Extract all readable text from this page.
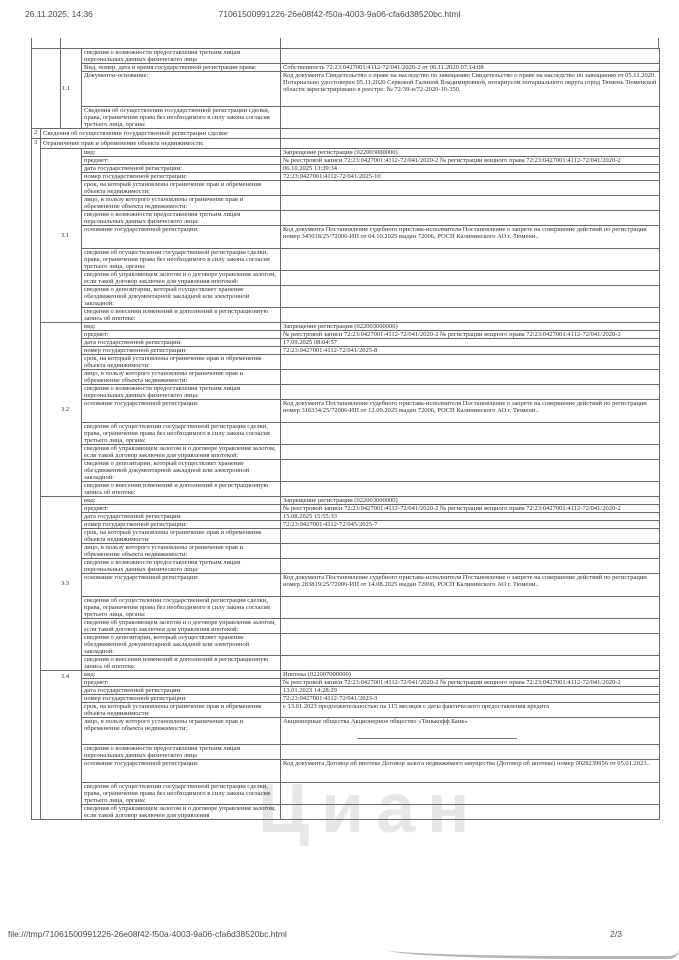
26.11.2025, 14:36	71061500991226-26e08f42-f50a-4003-9a06-cfa6d38520bc.html
Циан
	1.1	сведения о возможности предоставления третьим лицам персональных данных физического лица	
		Вид, номер, дата и время государственной регистрации права:	Собственность 72:23:0427001:4112-72/041/2020-2 от 06.11.2020 07:14:08
		Документы-основание:	Код документа Свидетельство о праве на наследство по завещанию Свидетельство о праве на наследство по завещанию от 05.11.2020. Нотариально удостоверен 05.11.2020 Серковой Галиной Владимировной, нотариусом нотариального округа город Тюмень Тюменской области зарегистрировано в реестре: № 72/39-н/72-2020-10-350.
		Сведения об осуществлении государственной регистрации сделки, права, ограничения права без необходимого в силу закона согласия третьего лица, органа:	
2	Сведения об осуществлении государственной регистрации сделки:	
3	Ограничение прав и обременение объекта недвижимости:		
	3.1	вид:	Запрещение регистрации (022003000000)
		предмет:	№ реестровой записи 72:23:0427001:4112-72/041/2020-2 № регистрации вещного права 72:23:0427001:4112-72/041/2020-2
		дата государственной регистрации:	06.10.2025 13:39:34
		номер государственной регистрации:	72:23:0427001:4112-72/041/2025-10
		срок, на который установлены ограничение прав и обременение объекта недвижимости:	
		лицо, в пользу которого установлены ограничение прав и обременение объекта недвижимости:	
		сведения о возможности предоставления третьим лицам персональных данных физического лица:	
		основание государственной регистрации:	Код документа Постановление судебного пристава-исполнителя Постановление о запрете на совершение действий по регистрации номер 345018/25/72006-ИП от 04.10.2025 выдан 72006, РОСП Калининского АО г. Тюмени..
		сведения об осуществлении государственной регистрации сделки, права, ограничения права без необходимого в силу закона согласия третьего лица, органа:	
		сведения об управляющем залогом и о договоре управления залогом, если такой договор заключен для управления ипотекой:	
		сведения о депозитарии, который осуществляет хранение обездвиженной документарной закладной или электронной закладной:	
		сведения о внесении изменений и дополнений в регистрационную запись об ипотеке:	
	3.2	вид:	Запрещение регистрации (022003000000)
		предмет:	№ реестровой записи 72:23:0427001:4112-72/041/2020-2 № регистрации вещного права 72:23:0427001:4112-72/041/2020-2
		дата государственной регистрации:	17.09.2025 08:04:57
		номер государственной регистрации:	72:23:0427001:4112-72/041/2025-8
		срок, на который установлены ограничение прав и обременение объекта недвижимости:	
		лицо, в пользу которого установлены ограничение прав и обременение объекта недвижимости:	
		сведения о возможности предоставления третьим лицам персональных данных физического лица:	
		основание государственной регистрации:	Код документа Постановление судебного пристава-исполнителя Постановление о запрете на совершение действий по регистрации номер 316334/25/72006-ИП от 12.09.2025 выдан 72006, РОСП Калининского АО г. Тюмени..
		сведения об осуществлении государственной регистрации сделки, права, ограничения права без необходимого в силу закона согласия третьего лица, органа:	
		сведения об управляющем залогом и о договоре управления залогом, если такой договор заключен для управления ипотекой:	
		сведения о депозитарии, который осуществляет хранение обездвиженной документарной закладной или электронной закладной:	
		сведения о внесении изменений и дополнений в регистрационную запись об ипотеке:	
	3.3	вид:	Запрещение регистрации (022003000000)
		предмет:	№ реестровой записи 72:23:0427001:4112-72/041/2020-2 № регистрации вещного права 72:23:0427001:4112-72/041/2020-2
		дата государственной регистрации:	15.08.2025 15:55:33
		номер государственной регистрации:	72:23:0427001:4112-72/045/2025-7
		срок, на который установлены ограничение прав и обременение объекта недвижимости:	
		лицо, в пользу которого установлены ограничение прав и обременение объекта недвижимости:	
		сведения о возможности предоставления третьим лицам персональных данных физического лица:	
		основание государственной регистрации:	Код документа Постановление судебного пристава-исполнителя Постановление о запрете на совершение действий по регистрации номер 283819/25/72006-ИП от 14.08.2025 выдан 72006, РОСП Калининского АО г. Тюмени..
		сведения об осуществлении государственной регистрации сделки, права, ограничения права без необходимого в силу закона согласия третьего лица, органа:	
		сведения об управляющем залогом и о договоре управления залогом, если такой договор заключен для управления ипотекой:	
		сведения о депозитарии, который осуществляет хранение обездвиженной документарной закладной или электронной закладной:	
		сведения о внесении изменений и дополнений в регистрационную запись об ипотеке:	
	3.4	вид:	Ипотека (022007000000)
		предмет:	№ реестровой записи 72:23:0427001:4112-72/041/2020-2 № регистрации вещного права 72:23:0427001:4112-72/041/2020-2
		дата государственной регистрации:	13.01.2023 14:28:29
		номер государственной регистрации:	72:23:0427001:4112-72/041/2023-3
		срок, на который установлены ограничение прав и обременение объекта недвижимости:	с 13.01.2023 продолжительностью на 115 месяцев с даты фактического предоставления кредита
		лицо, в пользу которого установлены ограничение прав и обременение объекта недвижимости:	Акционерные общества Акционерное общество «Тинькофф Банк»

		сведения о возможности предоставления третьим лицам персональных данных физического лица	
		основание государственной регистрации:	Код документа Договор об ипотеке Договор залога недвижимого имущества (Договор об ипотеке) номер 0028239956 от 05.01.2023..
		сведения об осуществлении государственной регистрации сделки, права, ограничения права без необходимого в силу закона согласия третьего лица, органа:	
		сведения об управляющем залогом и о договоре управления залогом, если такой договор заключен для управления	
file:///tmp/71061500991226-26e08f42-f50a-4003-9a06-cfa6d38520bc.html	2/3
